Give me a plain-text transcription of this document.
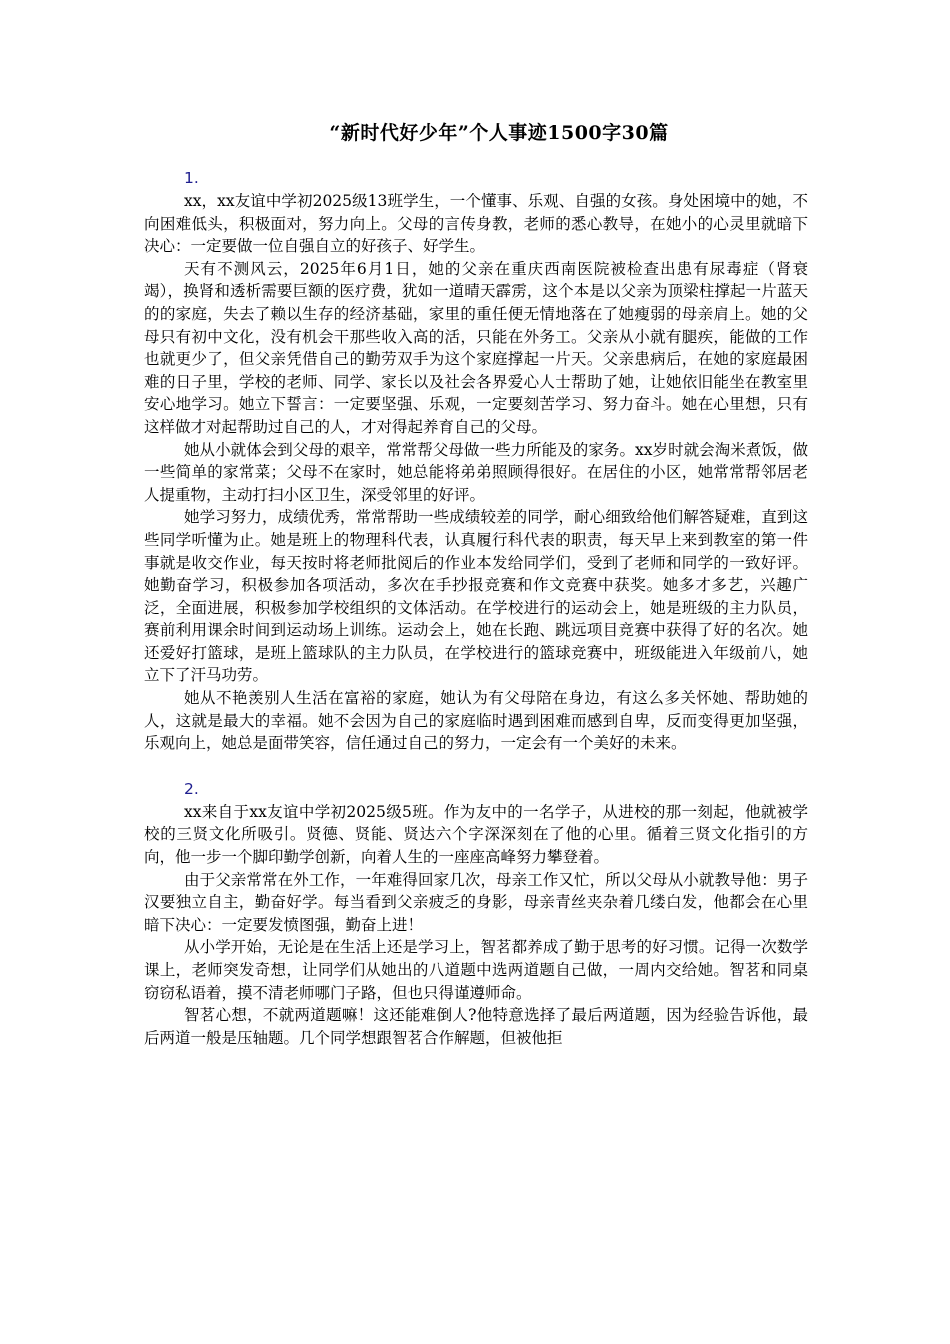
“新时代好少年”个人事迹1500字30篇
1.

xx，xx友谊中学初2025级13班学生，一个懂事、乐观、自强的女孩。身处困境中的她，不向困难低头，积极面对，努力向上。父母的言传身教，老师的悉心教导，在她小的心灵里就暗下决心：一定要做一位自强自立的好孩子、好学生。

天有不测风云，2025年6月1日，她的父亲在重庆西南医院被检查出患有尿毒症（肾衰竭），换肾和透析需要巨额的医疗费，犹如一道晴天霹雳，这个本是以父亲为顶梁柱撑起一片蓝天的的家庭，失去了赖以生存的经济基础，家里的重任便无情地落在了她瘦弱的母亲肩上。她的父母只有初中文化，没有机会干那些收入高的活，只能在外务工。父亲从小就有腿疾，能做的工作也就更少了，但父亲凭借自己的勤劳双手为这个家庭撑起一片天。父亲患病后，在她的家庭最困难的日子里，学校的老师、同学、家长以及社会各界爱心人士帮助了她，让她依旧能坐在教室里安心地学习。她立下誓言：一定要坚强、乐观，一定要刻苦学习、努力奋斗。她在心里想，只有这样做才对起帮助过自己的人，才对得起养育自己的父母。

她从小就体会到父母的艰辛，常常帮父母做一些力所能及的家务。xx岁时就会淘米煮饭，做一些简单的家常菜；父母不在家时，她总能将弟弟照顾得很好。在居住的小区，她常常帮邻居老人提重物，主动打扫小区卫生，深受邻里的好评。

她学习努力，成绩优秀，常常帮助一些成绩较差的同学，耐心细致给他们解答疑难，直到这些同学听懂为止。她是班上的物理科代表，认真履行科代表的职责，每天早上来到教室的第一件事就是收交作业，每天按时将老师批阅后的作业本发给同学们，受到了老师和同学的一致好评。她勤奋学习，积极参加各项活动，多次在手抄报竞赛和作文竞赛中获奖。她多才多艺，兴趣广泛，全面进展，积极参加学校组织的文体活动。在学校进行的运动会上，她是班级的主力队员，赛前利用课余时间到运动场上训练。运动会上，她在长跑、跳远项目竞赛中获得了好的名次。她还爱好打篮球，是班上篮球队的主力队员，在学校进行的篮球竞赛中，班级能进入年级前八，她立下了汗马功劳。

她从不艳羡别人生活在富裕的家庭，她认为有父母陪在身边，有这么多关怀她、帮助她的人，这就是最大的幸福。她不会因为自己的家庭临时遇到困难而感到自卑，反而变得更加坚强，乐观向上，她总是面带笑容，信任通过自己的努力，一定会有一个美好的未来。

2.

xx来自于xx友谊中学初2025级5班。作为友中的一名学子，从进校的那一刻起，他就被学校的三贤文化所吸引。贤德、贤能、贤达六个字深深刻在了他的心里。循着三贤文化指引的方向，他一步一个脚印勤学创新，向着人生的一座座高峰努力攀登着。

由于父亲常常在外工作，一年难得回家几次，母亲工作又忙，所以父母从小就教导他：男子汉要独立自主，勤奋好学。每当看到父亲疲乏的身影，母亲青丝夹杂着几缕白发，他都会在心里暗下决心：一定要发愤图强，勤奋上进！

从小学开始，无论是在生活上还是学习上，智茗都养成了勤于思考的好习惯。记得一次数学课上，老师突发奇想，让同学们从她出的八道题中选两道题自己做，一周内交给她。智茗和同桌窃窃私语着，摸不清老师哪门子路，但也只得谨遵师命。

智茗心想，不就两道题嘛！这还能难倒人?他特意选择了最后两道题，因为经验告诉他，最后两道一般是压轴题。几个同学想跟智茗合作解题，但被他拒
